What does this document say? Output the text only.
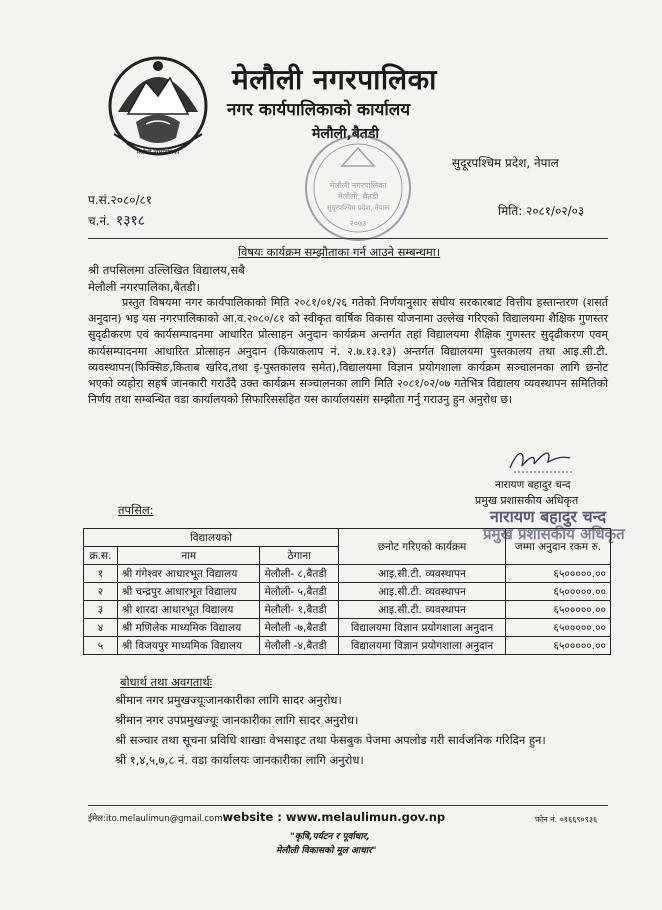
मेलौली नगरपालिका
मेलौली नगरपालिका
नगर कार्यपालिकाको कार्यालय
मेलौली,बैतडी
सुदूरपश्चिम प्रदेश, नेपाल
मेलौली नगरपालिका
मेलौली, बैतडी
सुदूरपश्चिम प्रदेश, नेपाल
२०७३
प.सं.२०८०/८१
च.नं. १३१८
मिति: २०८१/०२/०३
विषयः कार्यक्रम सम्झौताका गर्न आउने सम्बन्धमा।
श्री तपसिलमा उल्लिखित विद्यालय,सबै
मेलौली नगरपालिका,बैतडी।
प्रस्तुत विषयमा नगर कार्यपालिकाको मिति २०८१/०१/२६ गतेको निर्णयानुसार संघीय सरकारबाट वित्तीय हस्तान्तरण (शसर्त अनुदान) भइ यस नगरपालिकाको आ.व.२०८०/८१ को स्वीकृत वार्षिक विकास योजनामा उल्लेख गरिएको विद्यालयमा शैक्षिक गुणस्तर सुदृढीकरण एवं कार्यसम्पादनमा आधारित प्रोत्साहन अनुदान कार्यक्रम अन्तर्गत तहां विद्यालयमा शैक्षिक गुणस्तर सुदृढीकरण एवम् कार्यसम्पादनमा आधारित प्रोत्साहन अनुदान (कियाकलाप नं. २.७.१३.१३) अन्तर्गत विद्यालयमा पुस्तकालय तथा आइ.सी.टी. व्यवस्थापन(फिक्सिङ,किताब खरिद,तथा इ-पुस्तकालय समेत),विद्यालयमा विज्ञान प्रयोगशाला कार्यक्रम सञ्चालनका लागि छनोट भएको व्यहोरा सहर्ष जानकारी गराउँदै उक्त कार्यक्रम सञ्चालनका लागि मिति २०८१/०२/०७ गतेभित्र विद्यालय व्यवस्थापन समितिको निर्णय तथा सम्बन्धित वडा कार्यालयको सिफारिससहित यस कार्यालयसंग सम्झौता गर्नु गराउनु हुन अनुरोध छ।
नारायण बहादुर चन्द
प्रमुख प्रशासकीय अधिकृत
नारायण बहादुर चन्द
प्रमुख प्रशासकीय अधिकृत
तपसिल:
विद्यालयको			छनोट गरिएको कार्यक्रम	जम्मा अनुदान रकम रु.
क्र.स.	नाम	ठेगाना		
१	श्री गंगेश्वर आधारभूत विद्यालय	मेलौली- ८,बैतडी	आइ.सी.टी. व्यवस्थापन	६५०००००.००
२	श्री चन्द्रपुर आधारभूत विद्यालय	मेलौली- ५,बैतडी	आइ.सी.टी. व्यवस्थापन	६५०००००.००
३	श्री शारदा आधारभूत विद्यालय	मेलौली- १,बैतडी	आइ.सी.टी. व्यवस्थापन	६५०००००.००
४	श्री मणिलेक माध्यमिक विद्यालय	मेलौली -७,बैतडी	विद्यालयमा विज्ञान प्रयोगशाला अनुदान	६५०००००.००
५	श्री विजयपुर माध्यमिक विद्यालय	मेलौली -४,बैतडी	विद्यालयमा विज्ञान प्रयोगशाला अनुदान	६५०००००.००
बोधार्थ तथा अवगतार्थः
श्रीमान नगर प्रमुखज्यूःजानकारीका लागि सादर अनुरोध।
श्रीमान नगर उपप्रमुखज्यूः जानकारीका लागि सादर अनुरोध।
श्री सञ्चार तथा सूचना प्रविधि शाखाः वेभसाइट तथा फेसबुक पेजमा अपलोड गरी सार्वजनिक गरिदिन हुन।
श्री १,४,५,७,८ नं. वडा कार्यालयः जानकारीका लागि अनुरोध।
ईमेल:ito.melaulimun@gmail.comwebsite : www.melaulimun.gov.np	फोन नं. ०९६६९०९३६
"कृषि,पर्यटन र पूर्वाधार,
मेलौली विकासको मूल आधार"
